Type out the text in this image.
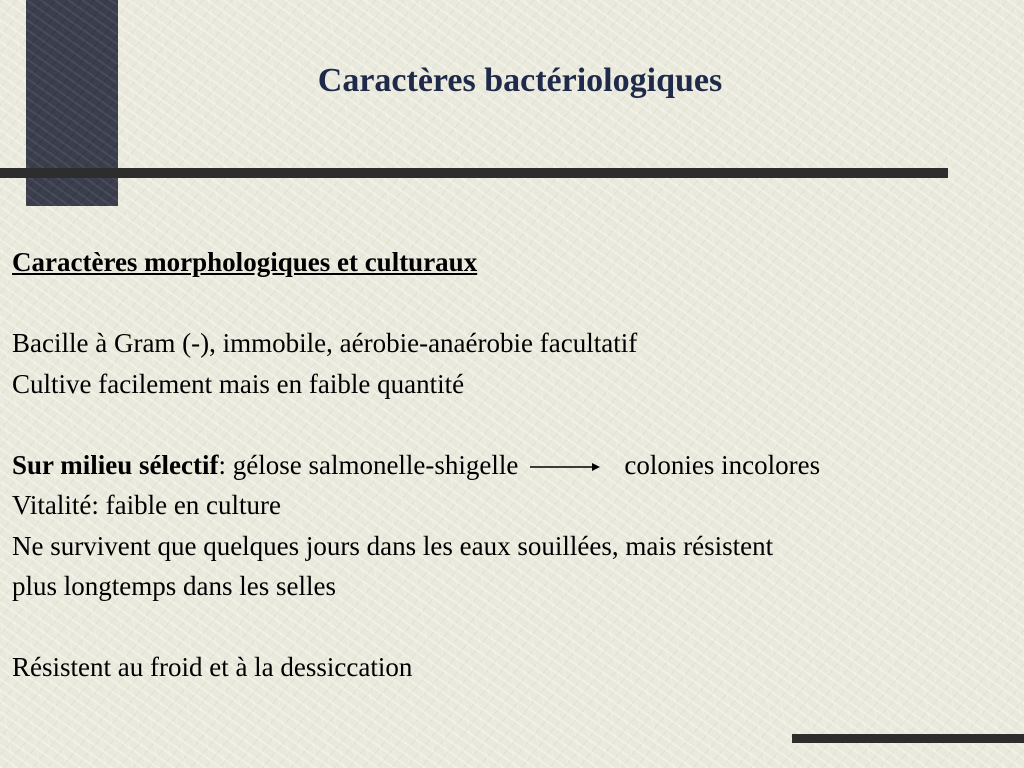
Caractères bactériologiques

Caractères morphologiques et culturaux

Bacille à Gram (-), immobile, aérobie-anaérobie facultatif

Cultive facilement mais en faible quantité

Sur milieu sélectif: gélose salmonelle-shigelle	colonies incolores

Vitalité: faible en culture

Ne survivent que quelques jours dans les eaux souillées, mais résistent

plus longtemps dans les selles

Résistent au froid et à la dessiccation
